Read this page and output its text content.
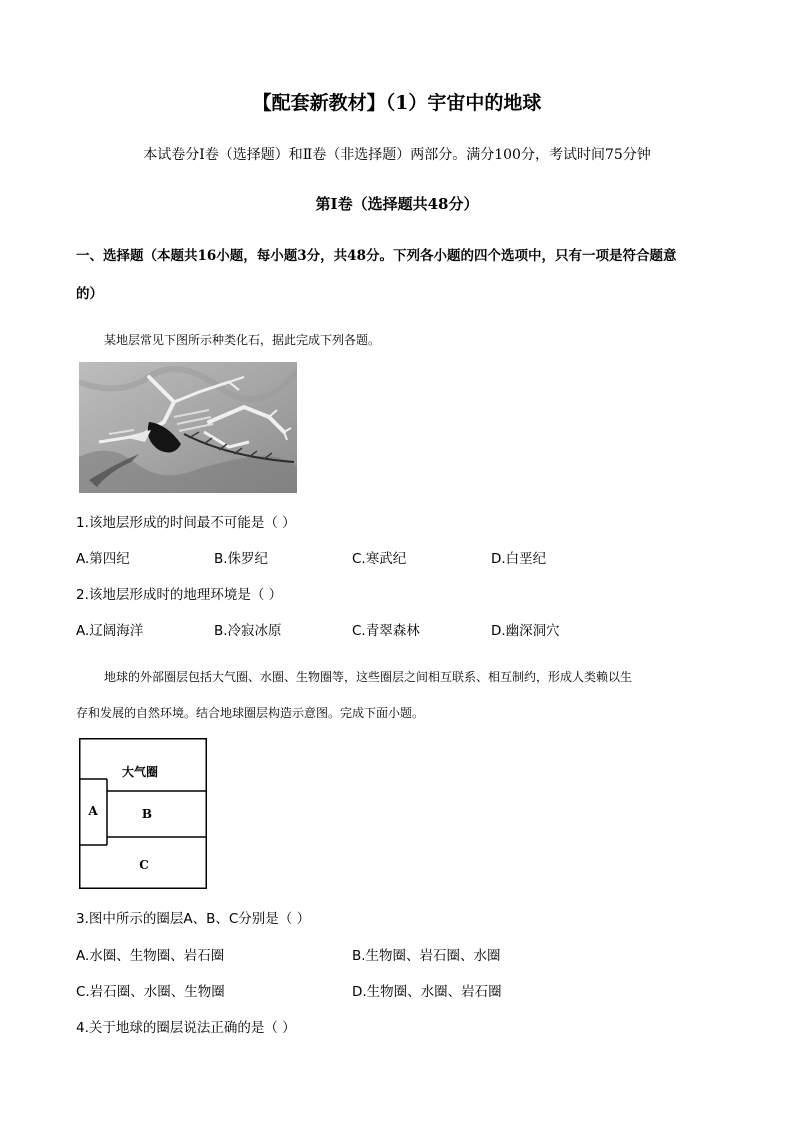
【配套新教材】（1）宇宙中的地球
本试卷分Ⅰ卷（选择题）和Ⅱ卷（非选择题）两部分。满分100分，考试时间75分钟
第Ⅰ卷（选择题共48分）
一、选择题（本题共16小题，每小题3分，共48分。下列各小题的四个选项中，只有一项是符合题意
的）
某地层常见下图所示种类化石，据此完成下列各题。
1.该地层形成的时间最不可能是（ ）
A.第四纪	B.侏罗纪	C.寒武纪	D.白垩纪
2.该地层形成时的地理环境是（ ）
A.辽阔海洋	B.冷寂冰原	C.青翠森林	D.幽深洞穴
地球的外部圈层包括大气圈、水圈、生物圈等，这些圈层之间相互联系、相互制约，形成人类赖以生
存和发展的自然环境。结合地球圈层构造示意图。完成下面小题。
大气圈
A	B
C
3.图中所示的圈层A、B、C分别是（ ）
A.水圈、生物圈、岩石圈	B.生物圈、岩石圈、水圈
C.岩石圈、水圈、生物圈	D.生物圈、水圈、岩石圈
4.关于地球的圈层说法正确的是（ ）
